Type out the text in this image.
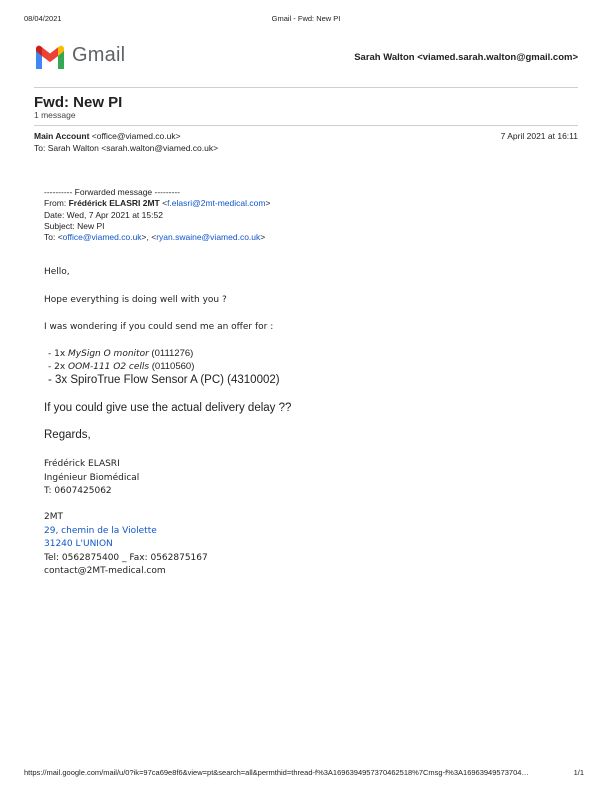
08/04/2021	Gmail - Fwd: New PI
Gmail	Sarah Walton <viamed.sarah.walton@gmail.com>
Fwd: New PI
1 message
Main Account <office@viamed.co.uk>	7 April 2021 at 16:11
To: Sarah Walton <sarah.walton@viamed.co.uk>
---------- Forwarded message ---------
From: Frédérick ELASRI 2MT <f.elasri@2mt-medical.com>
Date: Wed, 7 Apr 2021 at 15:52
Subject: New PI
To: <office@viamed.co.uk>, <ryan.swaine@viamed.co.uk>
Hello,
Hope everything is doing well with you ?
I was wondering if you could send me an offer for :
- 1x MySign O monitor (0111276)
- 2x OOM-111 O2 cells (0110560)
- 3x SpiroTrue Flow Sensor A (PC) (4310002)
If you could give use the actual delivery delay ??
Regards,
Frédérick ELASRI
Ingénieur Biomédical
T: 0607425062
2MT
29, chemin de la Violette
31240 L'UNION
Tel: 0562875400 _ Fax: 0562875167
contact@2MT-medical.com
https://mail.google.com/mail/u/0?ik=97ca69e8f6&view=pt&search=all&permthid=thread-f%3A1696394957370462518%7Cmsg-f%3A16963949573704…	1/1
